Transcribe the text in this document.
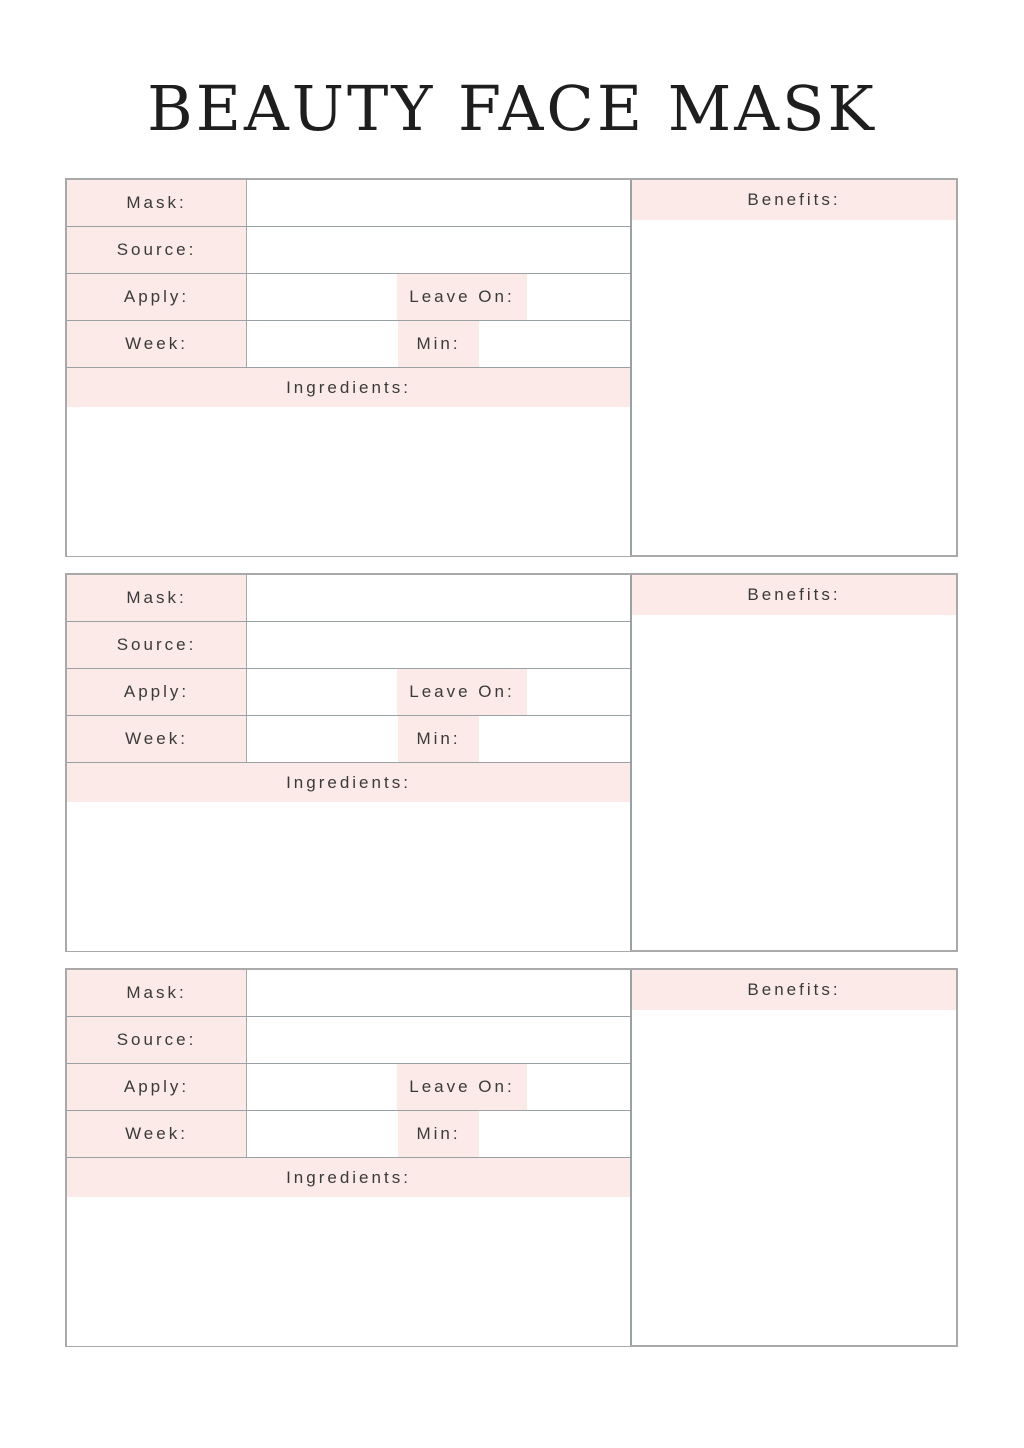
BEAUTY FACE MASK
Mask:
Source:
Apply:	Leave On:
Week:	Min:
Ingredients:
Benefits:
Mask:
Source:
Apply:	Leave On:
Week:	Min:
Ingredients:
Benefits:
Mask:
Source:
Apply:	Leave On:
Week:	Min:
Ingredients:
Benefits:
